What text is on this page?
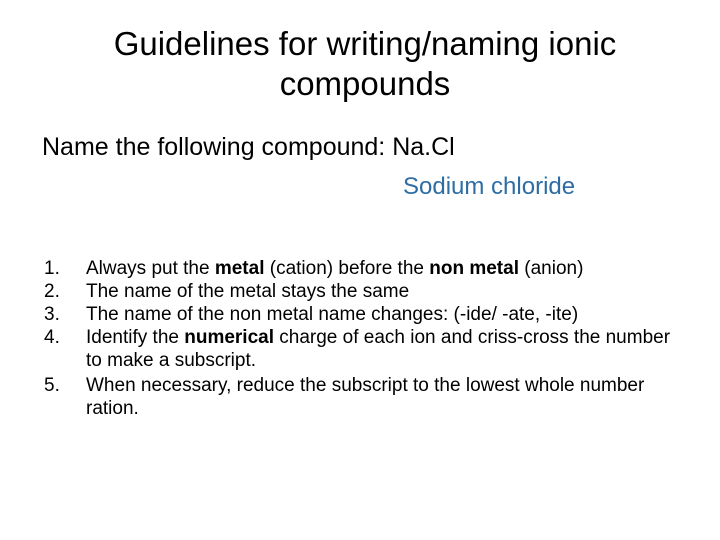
Guidelines for writing/naming ionic compounds
Name the following compound: Na.Cl
Sodium chloride
1.	Always put the metal (cation) before the non metal (anion)
2.	The name of the metal stays the same
3.	The name of the non metal name changes: (-ide/ -ate, -ite)
4.	Identify the numerical charge of each ion and criss-cross the number to make a subscript.
5.	When necessary, reduce the subscript to the lowest whole number ration.
